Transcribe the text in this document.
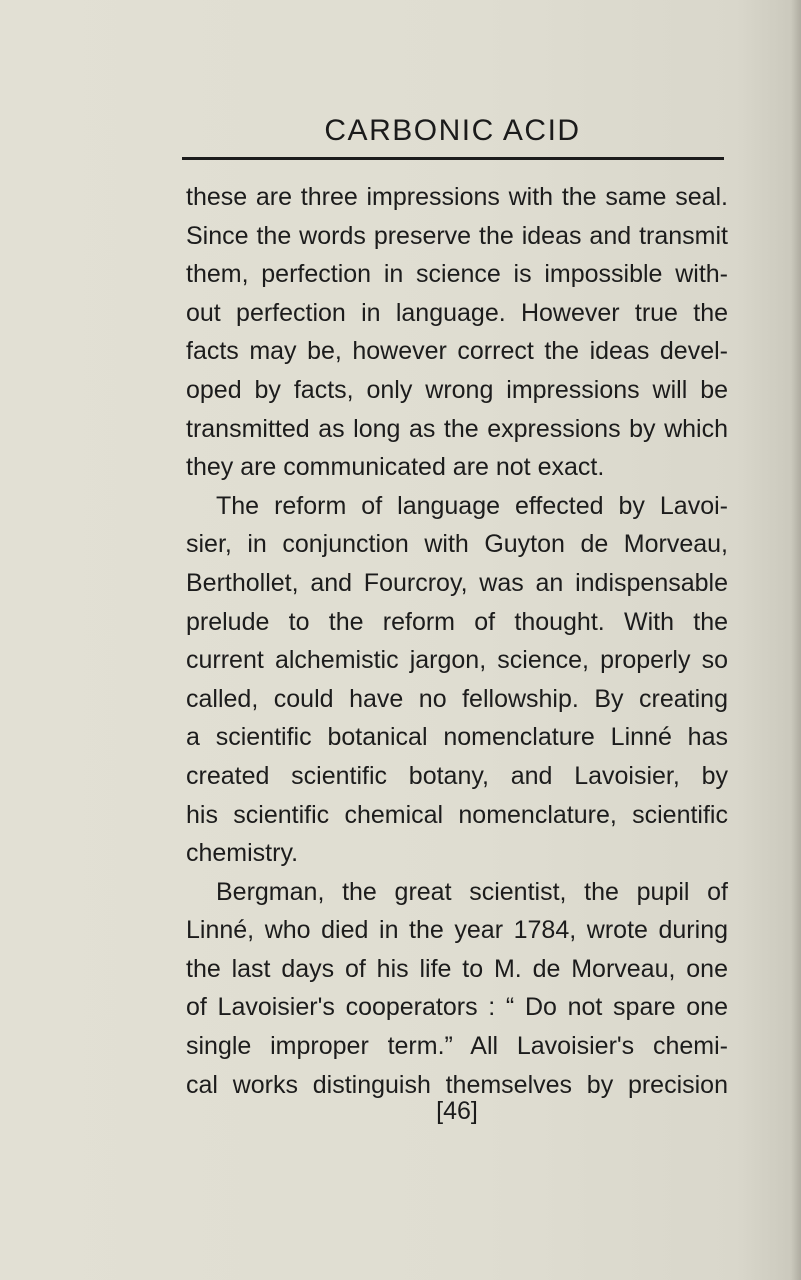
CARBONIC ACID
these are three impressions with the same seal.
Since the words preserve the ideas and transmit
them, perfection in science is impossible with-
out perfection in language. However true the
facts may be, however correct the ideas devel-
oped by facts, only wrong impressions will be
transmitted as long as the expressions by which
they are communicated are not exact.
The reform of language effected by Lavoi-
sier, in conjunction with Guyton de Morveau,
Berthollet, and Fourcroy, was an indispensable
prelude to the reform of thought. With the
current alchemistic jargon, science, properly so
called, could have no fellowship. By creating
a scientific botanical nomenclature Linné has
created scientific botany, and Lavoisier, by
his scientific chemical nomenclature, scientific
chemistry.
Bergman, the great scientist, the pupil of
Linné, who died in the year 1784, wrote during
the last days of his life to M. de Morveau, one
of Lavoisier's cooperators : “ Do not spare one
single improper term.” All Lavoisier's chemi-
cal works distinguish themselves by precision
[46]
